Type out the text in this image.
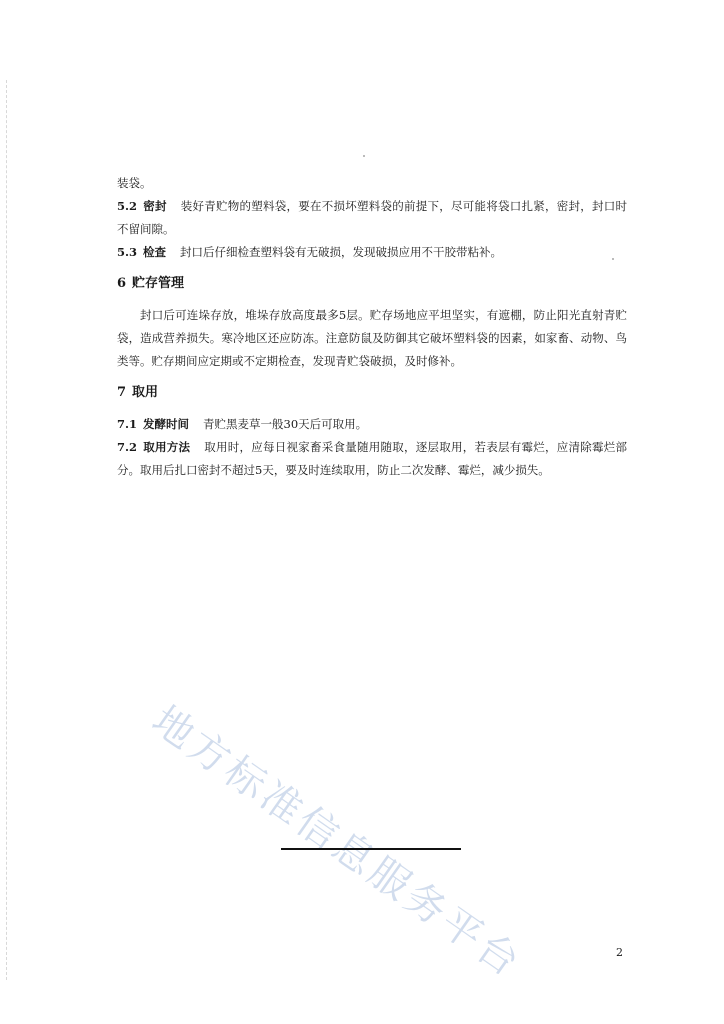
装袋。

5.2 密封 装好青贮物的塑料袋，要在不损坏塑料袋的前提下，尽可能将袋口扎紧，密封，封口时不留间隙。

5.3 检查 封口后仔细检查塑料袋有无破损，发现破损应用不干胶带粘补。

6 贮存管理

封口后可连垛存放，堆垛存放高度最多5层。贮存场地应平坦坚实，有遮棚，防止阳光直射青贮袋，造成营养损失。寒冷地区还应防冻。注意防鼠及防御其它破坏塑料袋的因素，如家畜、动物、鸟类等。贮存期间应定期或不定期检查，发现青贮袋破损，及时修补。

7 取用

7.1 发酵时间 青贮黑麦草一般30天后可取用。

7.2 取用方法 取用时，应每日视家畜采食量随用随取，逐层取用，若表层有霉烂，应清除霉烂部分。取用后扎口密封不超过5天，要及时连续取用，防止二次发酵、霉烂，减少损失。

地方标准信息服务平台	2
